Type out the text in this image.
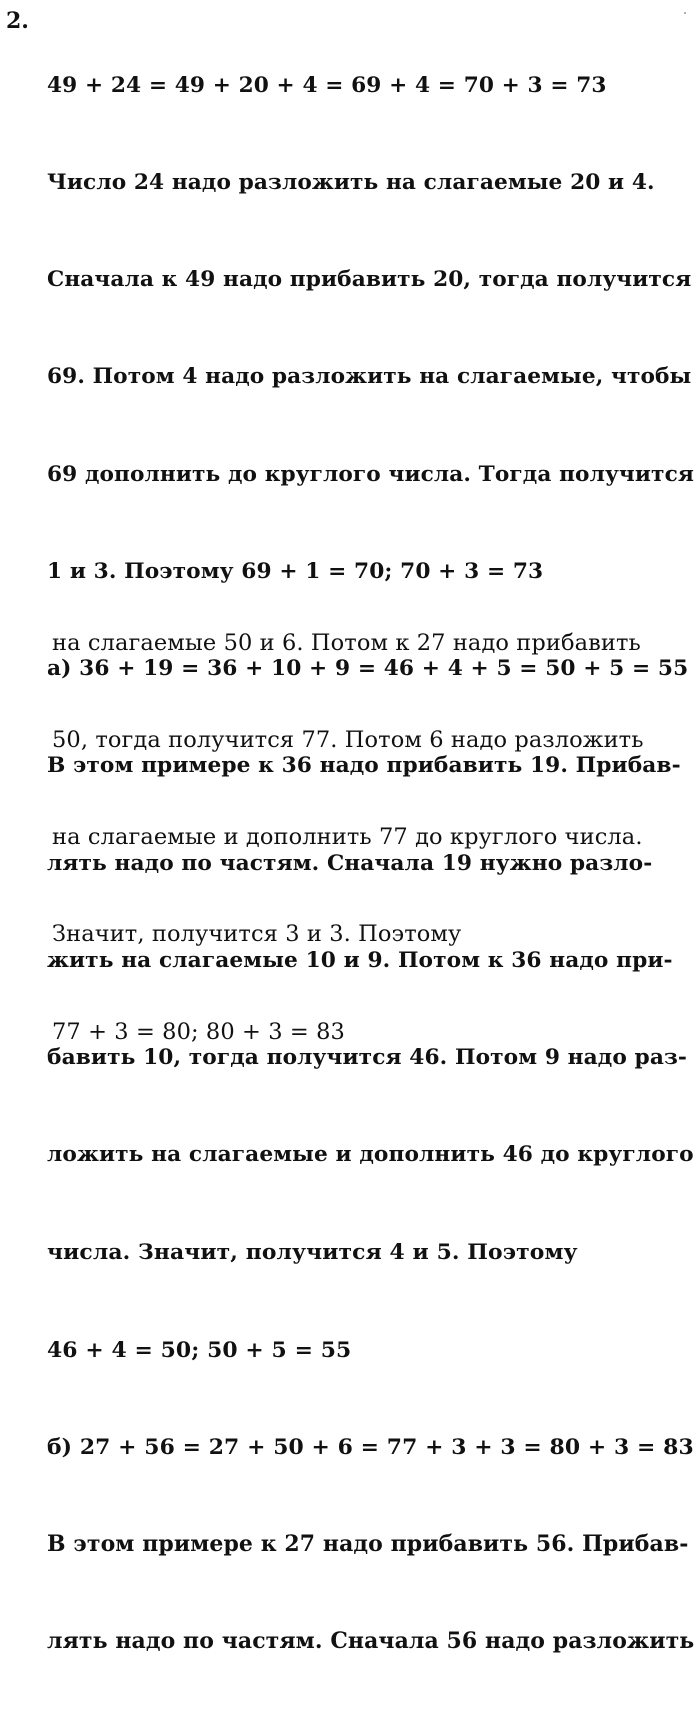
2.

49 + 24 = 49 + 20 + 4 = 69 + 4 = 70 + 3 = 73

Число 24 надо разложить на слагаемые 20 и 4.

Сначала к 49 надо прибавить 20, тогда получится

69. Потом 4 надо разложить на слагаемые, чтобы

69 дополнить до круглого числа. Тогда получится

1 и 3. Поэтому 69 + 1 = 70; 70 + 3 = 73

а) 36 + 19 = 36 + 10 + 9 = 46 + 4 + 5 = 50 + 5 = 55

В этом примере к 36 надо прибавить 19. Прибав-

лять надо по частям. Сначала 19 нужно разло-

жить на слагаемые 10 и 9. Потом к 36 надо при-

бавить 10, тогда получится 46. Потом 9 надо раз-

ложить на слагаемые и дополнить 46 до круглого

числа. Значит, получится 4 и 5. Поэтому

46 + 4 = 50; 50 + 5 = 55

б) 27 + 56 = 27 + 50 + 6 = 77 + 3 + 3 = 80 + 3 = 83

В этом примере к 27 надо прибавить 56. Прибав-

лять надо по частям. Сначала 56 надо разложить

на слагаемые 50 и 6. Потом к 27 надо прибавить

50, тогда получится 77. Потом 6 надо разложить

на слагаемые и дополнить 77 до круглого числа.

Значит, получится 3 и 3. Поэтому

77 + 3 = 80; 80 + 3 = 83
